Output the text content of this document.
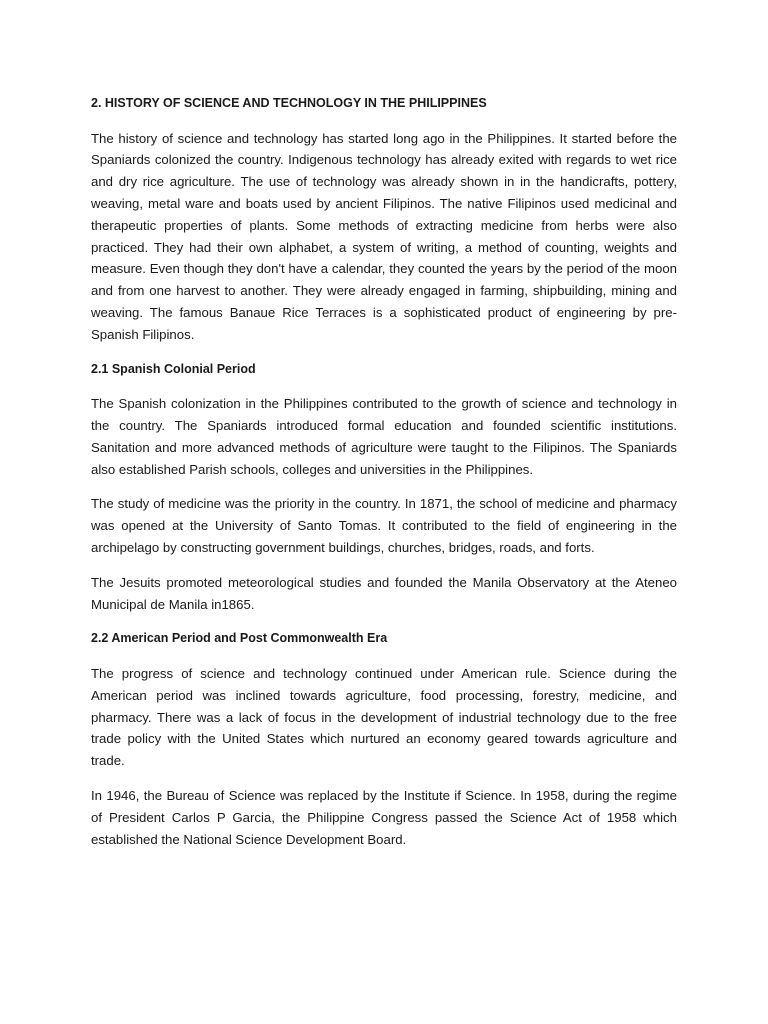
2. HISTORY OF SCIENCE AND TECHNOLOGY IN THE PHILIPPINES

The history of science and technology has started long ago in the Philippines. It started before the Spaniards colonized the country. Indigenous technology has already exited with regards to wet rice and dry rice agriculture. The use of technology was already shown in in the handicrafts, pottery, weaving, metal ware and boats used by ancient Filipinos. The native Filipinos used medicinal and therapeutic properties of plants. Some methods of extracting medicine from herbs were also practiced. They had their own alphabet, a system of writing, a method of counting, weights and measure. Even though they don't have a calendar, they counted the years by the period of the moon and from one harvest to another. They were already engaged in farming, shipbuilding, mining and weaving. The famous Banaue Rice Terraces is a sophisticated product of engineering by pre-Spanish Filipinos.

2.1 Spanish Colonial Period

The Spanish colonization in the Philippines contributed to the growth of science and technology in the country. The Spaniards introduced formal education and founded scientific institutions. Sanitation and more advanced methods of agriculture were taught to the Filipinos. The Spaniards also established Parish schools, colleges and universities in the Philippines.

The study of medicine was the priority in the country. In 1871, the school of medicine and pharmacy was opened at the University of Santo Tomas. It contributed to the field of engineering in the archipelago by constructing government buildings, churches, bridges, roads, and forts.

The Jesuits promoted meteorological studies and founded the Manila Observatory at the Ateneo Municipal de Manila in1865.

2.2 American Period and Post Commonwealth Era

The progress of science and technology continued under American rule. Science during the American period was inclined towards agriculture, food processing, forestry, medicine, and pharmacy. There was a lack of focus in the development of industrial technology due to the free trade policy with the United States which nurtured an economy geared towards agriculture and trade.

In 1946, the Bureau of Science was replaced by the Institute if Science. In 1958, during the regime of President Carlos P Garcia, the Philippine Congress passed the Science Act of 1958 which established the National Science Development Board.
